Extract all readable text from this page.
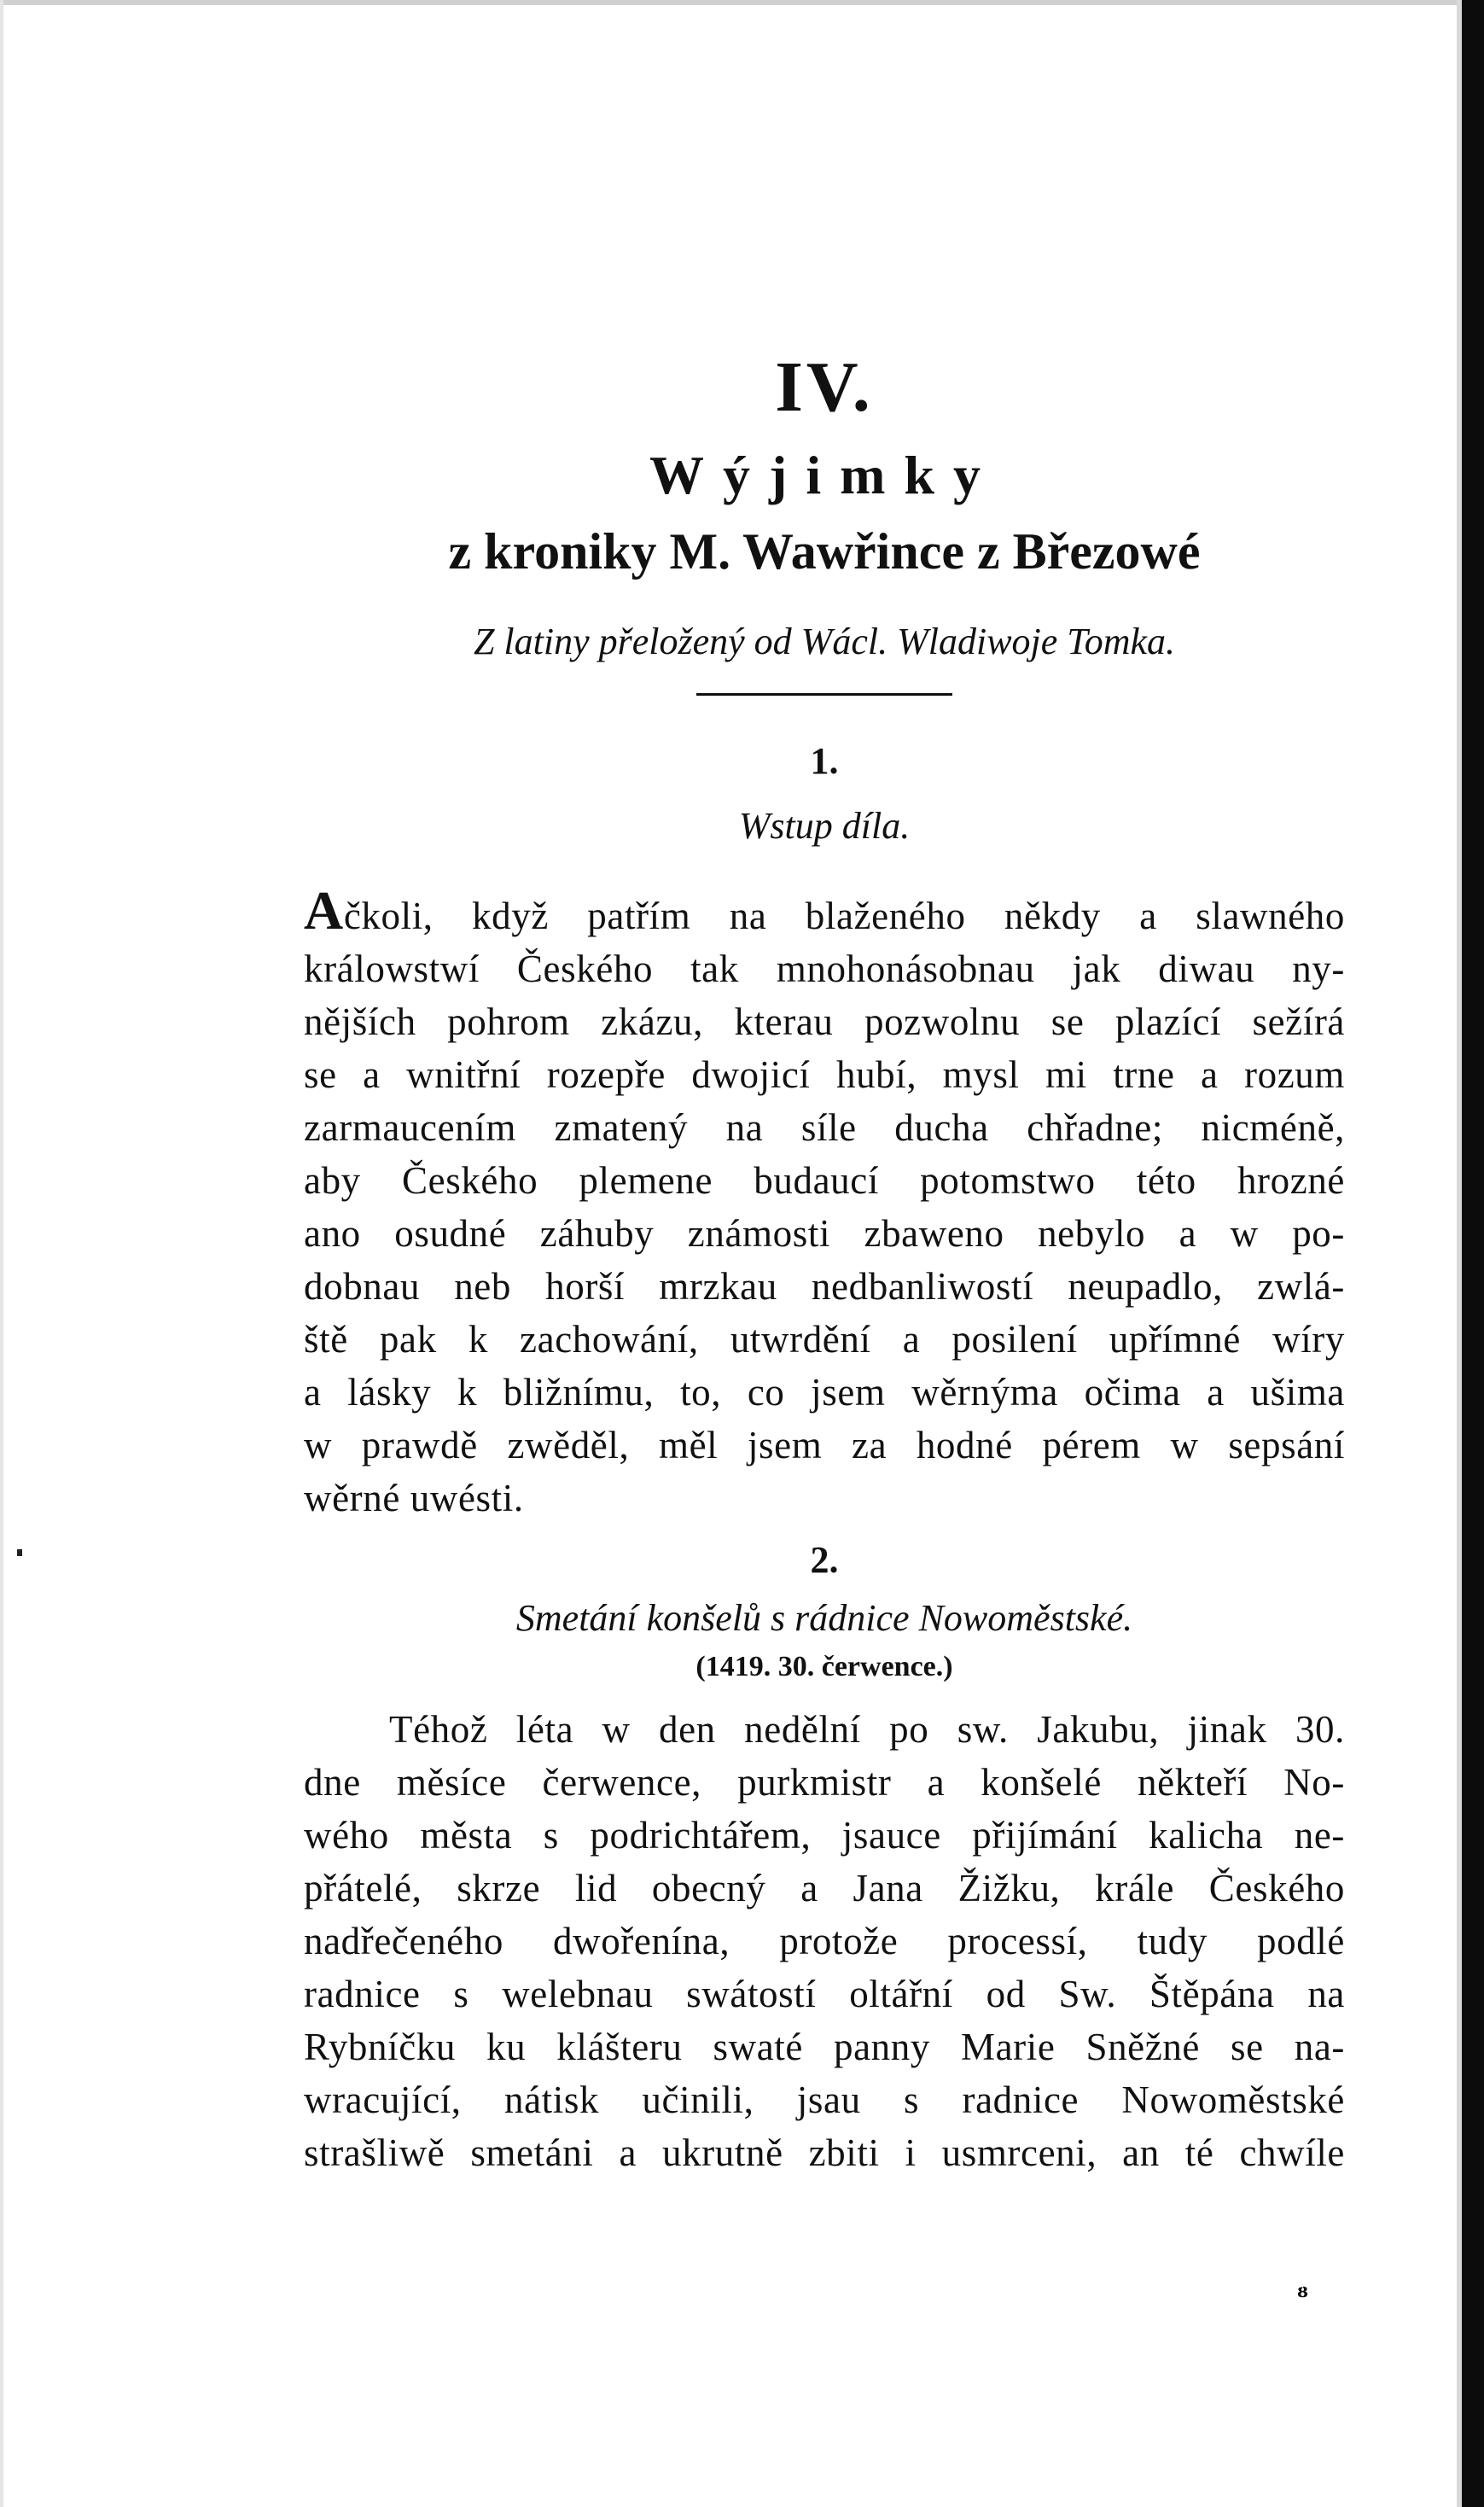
IV.
Wýjimky
z kroniky M. Wawřince z Březowé
Z latiny přeložený od Wácl. Wladiwoje Tomka.
1.
Wstup díla.
Ačkoli, když patřím na blaženého někdy a slawného
králowstwí Českého tak mnohonásobnau jak diwau ny-
nějších pohrom zkázu, kterau pozwolnu se plazící sežírá
se a wnitřní rozepře dwojicí hubí, mysl mi trne a rozum
zarmaucením zmatený na síle ducha chřadne; nicméně,
aby Českého plemene budaucí potomstwo této hrozné
ano osudné záhuby známosti zbaweno nebylo a w po-
dobnau neb horší mrzkau nedbanliwostí neupadlo, zwlá-
ště pak k zachowání, utwrdění a posilení upřímné wíry
a lásky k bližnímu, to, co jsem wěrnýma očima a ušima
w prawdě zwěděl, měl jsem za hodné pérem w sepsání
wěrné uwésti.
2.
Smetání konšelů s rádnice Nowoměstské.
(1419. 30. čerwence.)
Téhož léta w den nedělní po sw. Jakubu, jinak 30.
dne měsíce čerwence, purkmistr a konšelé někteří No-
wého města s podrichtářem, jsauce přijímání kalicha ne-
přátelé, skrze lid obecný a Jana Žižku, krále Českého
nadřečeného dwořenína, protože processí, tudy podlé
radnice s welebnau swátostí oltářní od Sw. Štěpána na
Rybníčku ku klášteru swaté panny Marie Sněžné se na-
wracující, nátisk učinili, jsau s radnice Nowoměstské
strašliwě smetáni a ukrutně zbiti i usmrceni, an té chwíle
ᴕ
